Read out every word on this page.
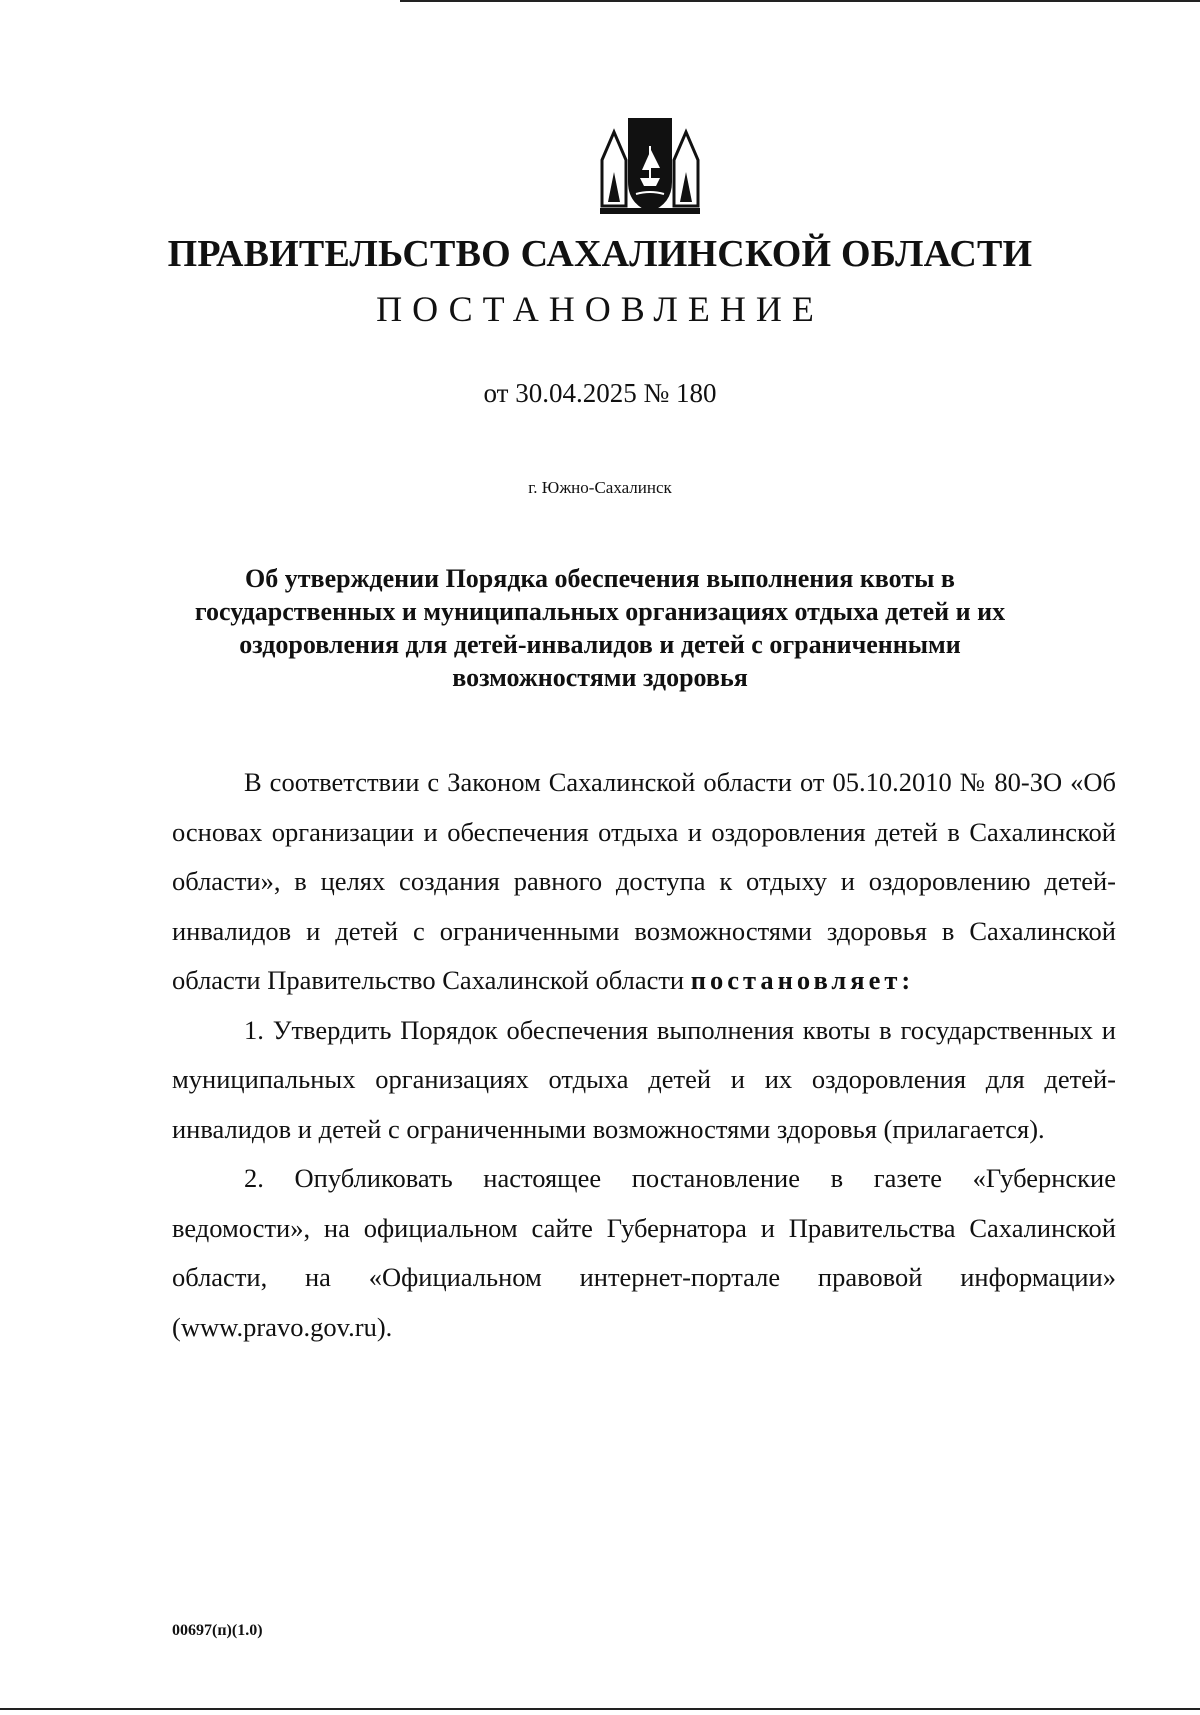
ПРАВИТЕЛЬСТВО САХАЛИНСКОЙ ОБЛАСТИ
ПОСТАНОВЛЕНИЕ
от 30.04.2025 № 180
г. Южно-Сахалинск
Об утверждении Порядка обеспечения выполнения квоты в
государственных и муниципальных организациях отдыха детей и их
оздоровления для детей-инвалидов и детей с ограниченными
возможностями здоровья

В соответствии с Законом Сахалинской области от 05.10.2010 № 80-ЗО «Об основах организации и обеспечения отдыха и оздоровления детей в Сахалинской области», в целях создания равного доступа к отдыху и оздоровлению детей-инвалидов и детей с ограниченными возможностями здоровья в Сахалинской области Правительство Сахалинской области постановляет:

1. Утвердить Порядок обеспечения выполнения квоты в государственных и муниципальных организациях отдыха детей и их оздоровления для детей-инвалидов и детей с ограниченными возможностями здоровья (прилагается).

2. Опубликовать настоящее постановление в газете «Губернские ведомости», на официальном сайте Губернатора и Правительства Сахалинской области, на «Официальном интернет-портале правовой информации» (www.pravo.gov.ru).

00697(п)(1.0)
